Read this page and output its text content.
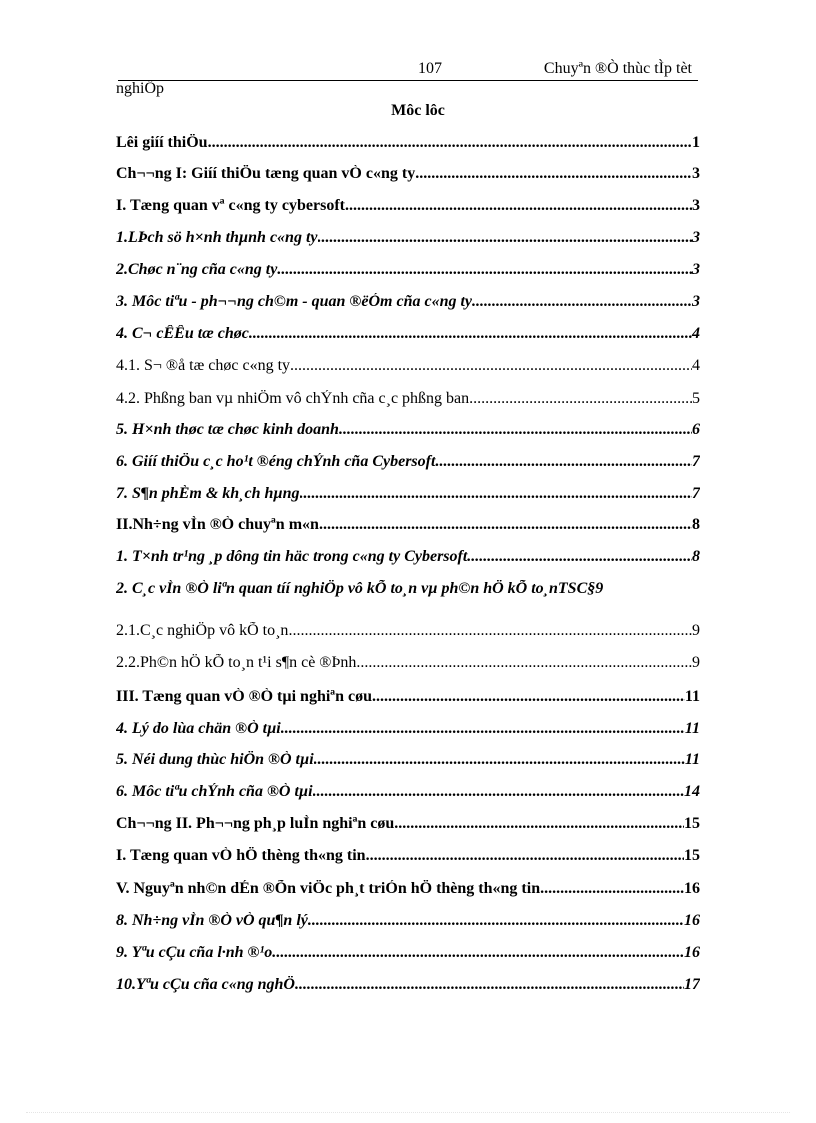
107	Chuyªn ®Ò thùc tÌp tèt
nghiÖp
Môc lôc
Lêi giíí thiÖu .....	1
Ch¬¬ng I: Giíí thiÖu tæng quan vÒ c«ng ty .....	3
I. Tæng quan vª c«ng ty cybersoft .....	3
1.LÞch sö h×nh thµnh c«ng ty .....	3
2.Chøc n¨ng cña c«ng ty .....	3
3. Môc tiªu - ph¬¬ng ch©m - quan ®ëÓm cña c«ng ty .....	3
4. C¬ cÊÊu tæ chøc .....	4
4.1. S¬ ®å tæ chøc c«ng ty .....	4
4.2. Phßng ban vµ nhiÖm vô chÝnh cña c¸c phßng ban .....	5
5. H×nh thøc tæ chøc kinh doanh .....	6
6. Giíí thiÖu c¸c ho¹t ®éng chÝnh cña Cybersoft .....	7
7. S¶n phÈm & kh¸ch hµng .....	7
II.Nh÷ng vÌn ®Ò chuyªn m«n .....	8
1. T×nh tr¹ng ¸p dông tin häc trong c«ng ty Cybersoft .....	8
2. C¸c vÌn ®Ò liªn quan tíí nghiÖp vô kÕ to¸n vµ ph©n hÖ kÕ to¸nTSC§ 9
2.1.C¸c nghiÖp vô kÕ to¸n .....	9
2.2.Ph©n hÖ kÕ to¸n t¹i s¶n cè ®Þnh .....	9
III. Tæng quan vÒ ®Ò tµi nghiªn cøu .....	11
4. Lý do lùa chän ®Ò tµi .....	11
5. Néi dung thùc hiÖn ®Ò tµi .....	11
6. Môc tiªu chÝnh cña ®Ò tµi .....	14
Ch¬¬ng II. Ph¬¬ng ph¸p luÌn nghiªn cøu .....	15
I. Tæng quan vÒ hÖ thèng th«ng tin .....	15
V. Nguyªn nh©n dÉn ®Õn viÖc ph¸t triÓn hÖ thèng th«ng tin .....	16
8. Nh÷ng vÌn ®Ò vÒ qu¶n lý .....	16
9. Yªu cÇu cña l·nh ®¹o. .....	16
10.Yªu cÇu cña c«ng nghÖ .....	17
